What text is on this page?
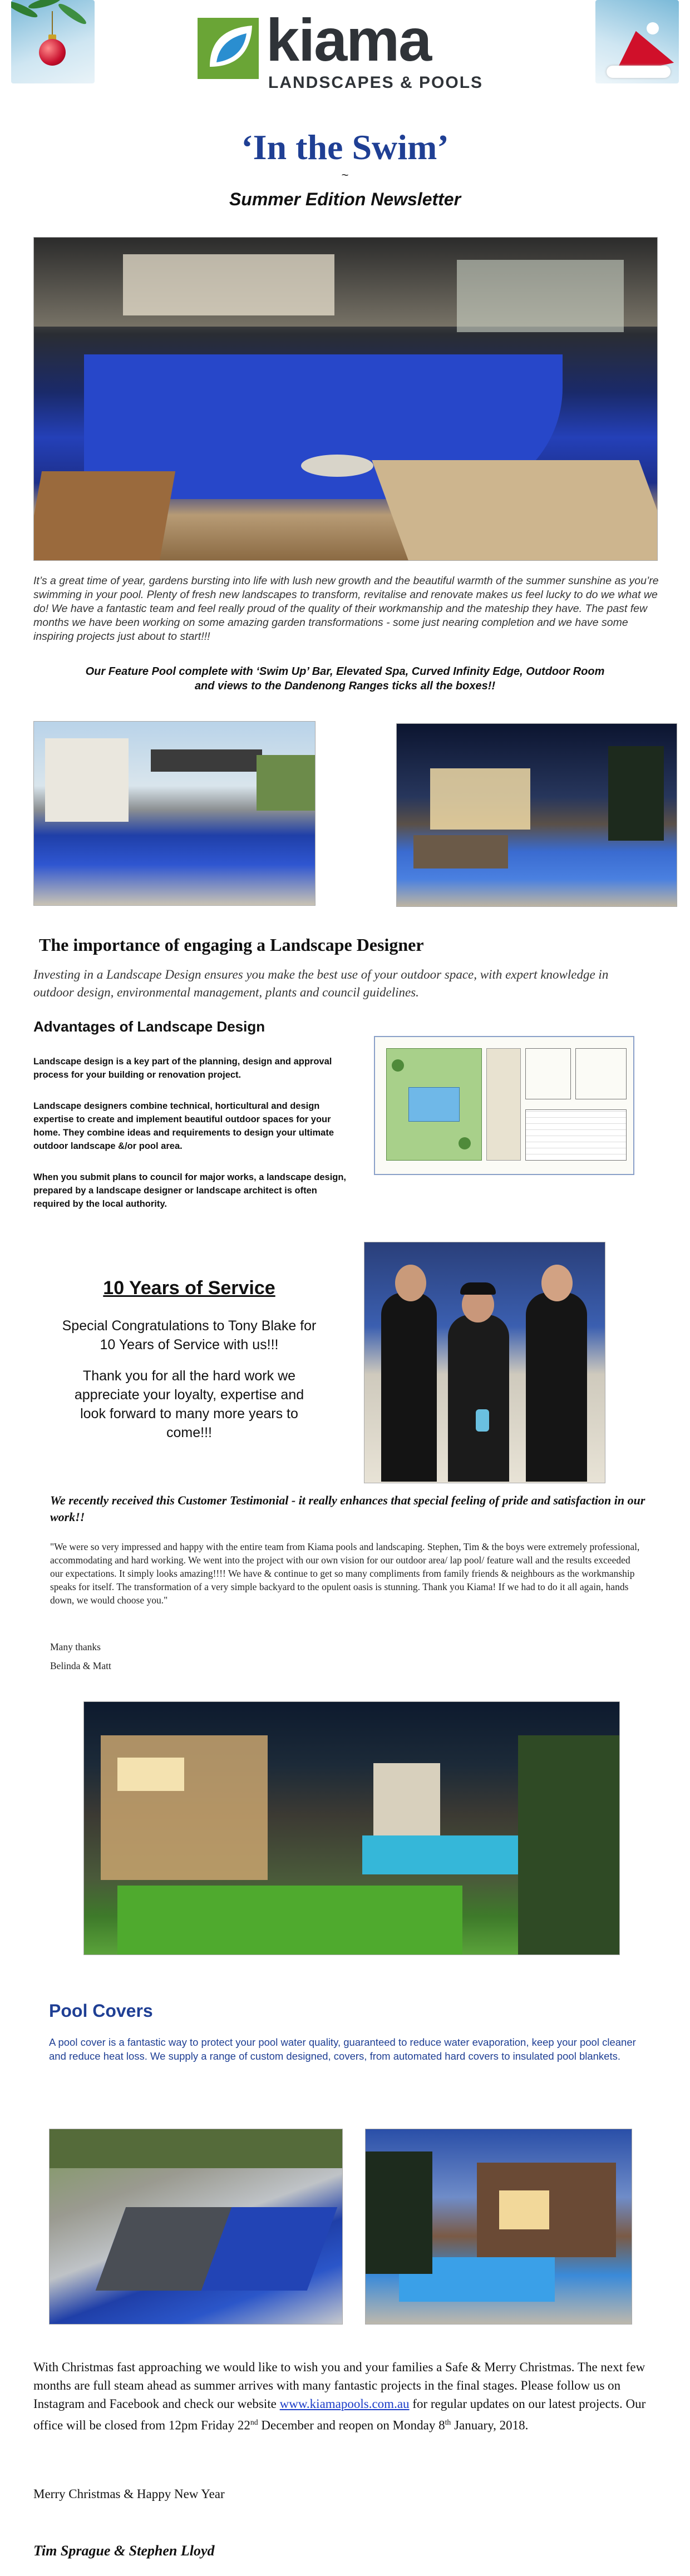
kiama
LANDSCAPES & POOLS
‘In the Swim’
~
Summer Edition Newsletter
It’s a great time of year, gardens bursting into life with lush new growth and the beautiful warmth of the summer sunshine as you’re swimming in your pool. Plenty of fresh new landscapes to transform, revitalise and renovate makes us feel lucky to do we what we do! We have a fantastic team and feel really proud of the quality of their workmanship and the mateship they have. The past few months we have been working on some amazing garden transformations - some just nearing completion and we have some inspiring projects just about to start!!!
Our Feature Pool complete with ‘Swim Up’ Bar, Elevated Spa, Curved Infinity Edge, Outdoor Room
and views to the Dandenong Ranges ticks all the boxes!!
The importance of engaging a Landscape Designer
Investing in a Landscape Design ensures you make the best use of your outdoor space, with expert knowledge in outdoor design, environmental management, plants and council guidelines.
Advantages of Landscape Design
Landscape design is a key part of the planning, design and approval process for your building or renovation project.
Landscape designers combine technical, horticultural and design expertise to create and implement beautiful outdoor spaces for your home. They combine ideas and requirements to design your ultimate outdoor landscape &/or pool area.
When you submit plans to council for major works, a landscape design, prepared by a landscape designer or landscape architect is often required by the local authority.
10 Years of Service
Special Congratulations to Tony Blake for 10 Years of Service with us!!!
Thank you for all the hard work we appreciate your loyalty, expertise and look forward to many more years to come!!!
We recently received this Customer Testimonial - it really enhances that special feeling of pride and satisfaction in our work!!
"We were so very impressed and happy with the entire team from Kiama pools and landscaping. Stephen, Tim & the boys were extremely professional, accommodating and hard working. We went into the project with our own vision for our outdoor area/ lap pool/ feature wall and the results exceeded our expectations. It simply looks amazing!!!! We have & continue to get so many compliments from family friends & neighbours as the workmanship speaks for itself. The transformation of a very simple backyard to the opulent oasis is stunning. Thank you Kiama! If we had to do it all again, hands down, we would choose you."
Many thanks
Belinda & Matt
Pool Covers
A pool cover is a fantastic way to protect your pool water quality, guaranteed to reduce water evaporation, keep your pool cleaner and reduce heat loss. We supply a range of custom designed, covers, from automated hard covers to insulated pool blankets.
With Christmas fast approaching we would like to wish you and your families a Safe & Merry Christmas. The next few months are full steam ahead as summer arrives with many fantastic projects in the final stages. Please follow us on Instagram and Facebook and check our website www.kiamapools.com.au for regular updates on our latest projects. Our office will be closed from 12pm Friday 22nd December and reopen on Monday 8th January, 2018.
Merry Christmas & Happy New Year
Tim Sprague & Stephen Lloyd
